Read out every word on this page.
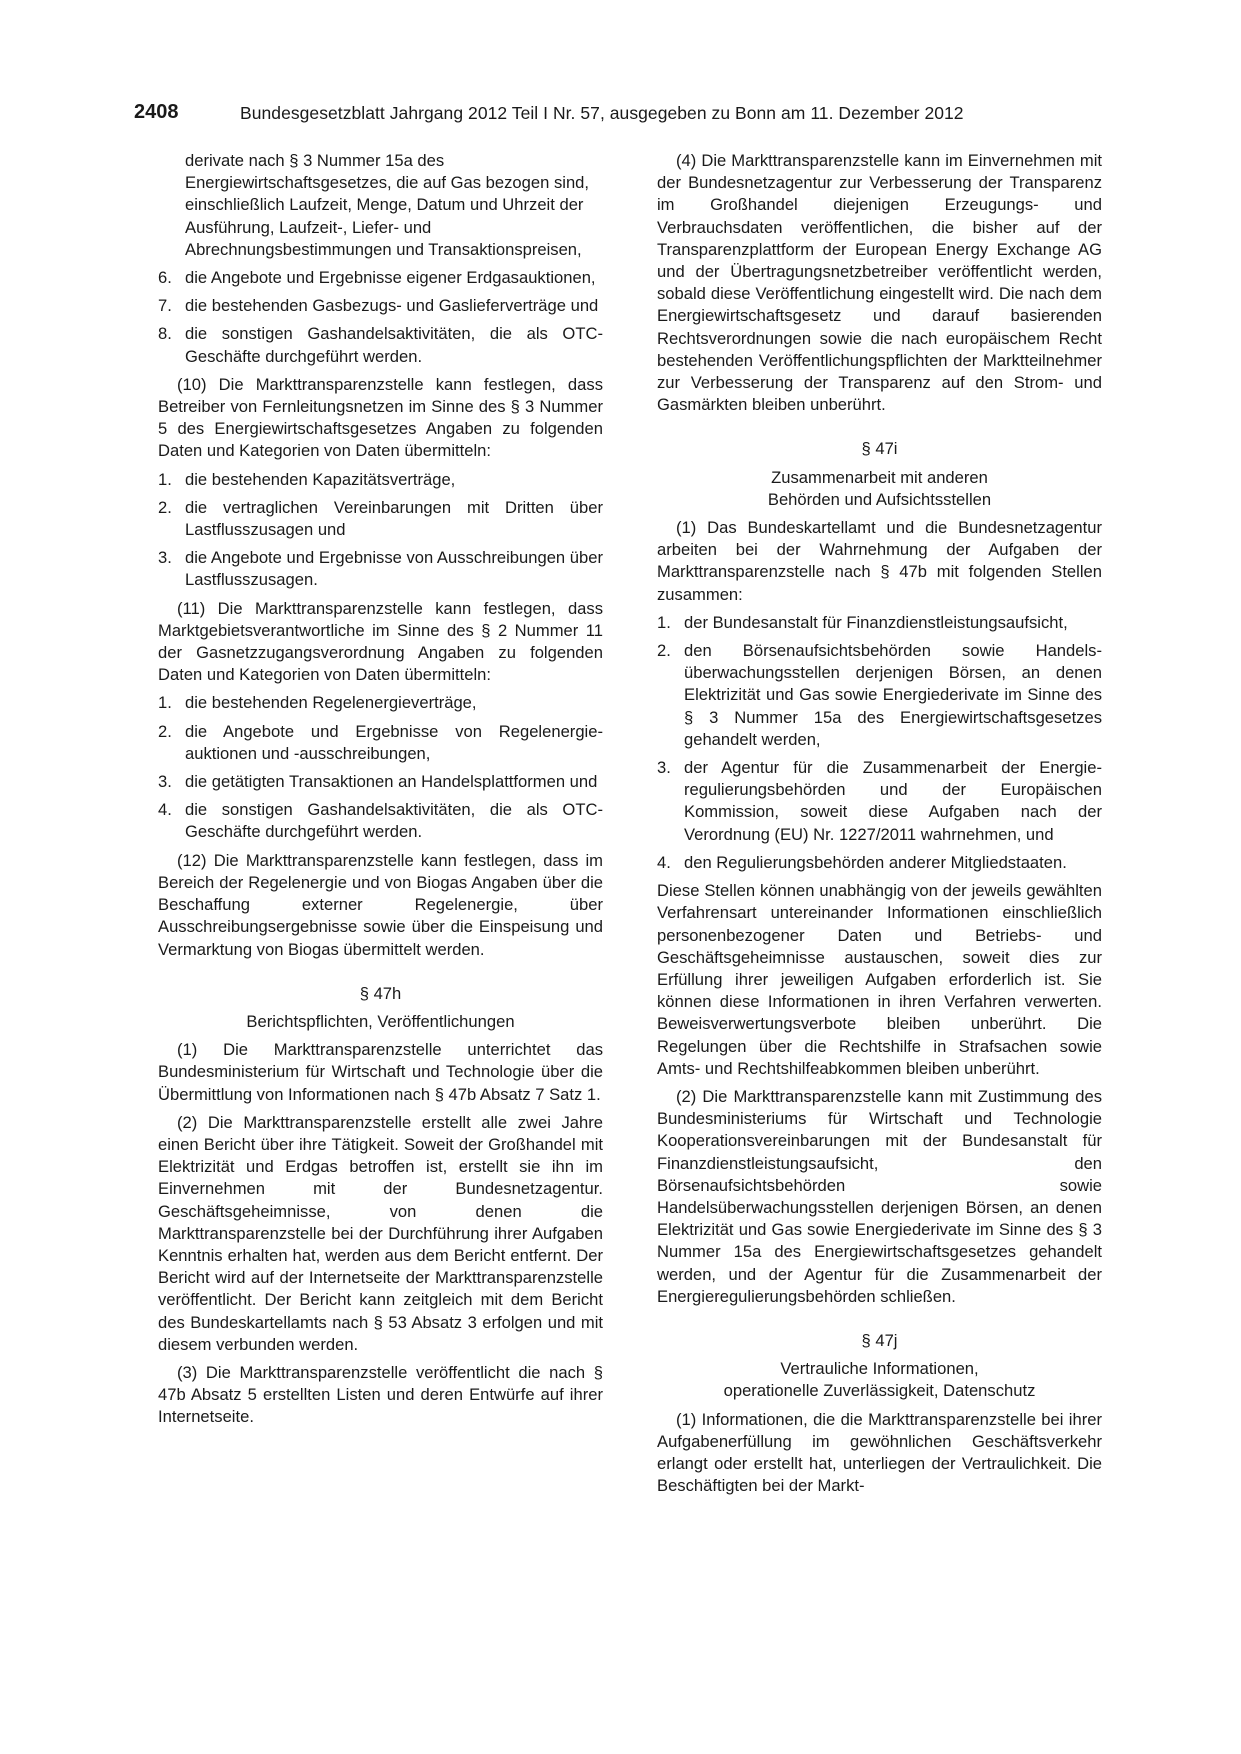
2408	Bundesgesetzblatt Jahrgang 2012 Teil I Nr. 57, ausgegeben zu Bonn am 11. Dezember 2012

derivate nach § 3 Nummer 15a des Energiewirtschaftsgesetzes, die auf Gas bezogen sind, einschließlich Laufzeit, Menge, Datum und Uhrzeit der Ausführung, Laufzeit-, Liefer- und Abrechnungsbestimmungen und Transaktionspreisen,

6. die Angebote und Ergebnisse eigener Erdgasauktionen,
7. die bestehenden Gasbezugs- und Gaslieferverträge und
8. die sonstigen Gashandelsaktivitäten, die als OTC-Geschäfte durchgeführt werden.

(10) Die Markttransparenzstelle kann festlegen, dass Betreiber von Fernleitungsnetzen im Sinne des § 3 Nummer 5 des Energiewirtschaftsgesetzes Angaben zu folgenden Daten und Kategorien von Daten übermitteln:

1. die bestehenden Kapazitätsverträge,
2. die vertraglichen Vereinbarungen mit Dritten über Lastflusszusagen und
3. die Angebote und Ergebnisse von Ausschreibungen über Lastflusszusagen.

(11) Die Markttransparenzstelle kann festlegen, dass Marktgebietsverantwortliche im Sinne des § 2 Nummer 11 der Gasnetzzugangsverordnung Angaben zu folgenden Daten und Kategorien von Daten übermitteln:

1. die bestehenden Regelenergieverträge,
2. die Angebote und Ergebnisse von Regelenergieauktionen und -ausschreibungen,
3. die getätigten Transaktionen an Handelsplattformen und
4. die sonstigen Gashandelsaktivitäten, die als OTC-Geschäfte durchgeführt werden.

(12) Die Markttransparenzstelle kann festlegen, dass im Bereich der Regelenergie und von Biogas Angaben über die Beschaffung externer Regelenergie, über Ausschreibungsergebnisse sowie über die Einspeisung und Vermarktung von Biogas übermittelt werden.

§ 47h
Berichtspflichten, Veröffentlichungen

(1) Die Markttransparenzstelle unterrichtet das Bundesministerium für Wirtschaft und Technologie über die Übermittlung von Informationen nach § 47b Absatz 7 Satz 1.

(2) Die Markttransparenzstelle erstellt alle zwei Jahre einen Bericht über ihre Tätigkeit. Soweit der Großhandel mit Elektrizität und Erdgas betroffen ist, erstellt sie ihn im Einvernehmen mit der Bundesnetzagentur. Geschäftsgeheimnisse, von denen die Markttransparenzstelle bei der Durchführung ihrer Aufgaben Kenntnis erhalten hat, werden aus dem Bericht entfernt. Der Bericht wird auf der Internetseite der Markttransparenzstelle veröffentlicht. Der Bericht kann zeitgleich mit dem Bericht des Bundeskartellamts nach § 53 Absatz 3 erfolgen und mit diesem verbunden werden.

(3) Die Markttransparenzstelle veröffentlicht die nach § 47b Absatz 5 erstellten Listen und deren Entwürfe auf ihrer Internetseite.

(4) Die Markttransparenzstelle kann im Einvernehmen mit der Bundesnetzagentur zur Verbesserung der Transparenz im Großhandel diejenigen Erzeugungs- und Verbrauchsdaten veröffentlichen, die bisher auf der Transparenzplattform der European Energy Exchange AG und der Übertragungsnetzbetreiber veröffentlicht werden, sobald diese Veröffentlichung eingestellt wird. Die nach dem Energiewirtschaftsgesetz und darauf basierenden Rechtsverordnungen sowie die nach europäischem Recht bestehenden Veröffentlichungspflichten der Marktteilnehmer zur Verbesserung der Transparenz auf den Strom- und Gasmärkten bleiben unberührt.

§ 47i
Zusammenarbeit mit anderen
Behörden und Aufsichtsstellen

(1) Das Bundeskartellamt und die Bundesnetzagentur arbeiten bei der Wahrnehmung der Aufgaben der Markttransparenzstelle nach § 47b mit folgenden Stellen zusammen:

1. der Bundesanstalt für Finanzdienstleistungsaufsicht,
2. den Börsenaufsichtsbehörden sowie Handelsüberwachungsstellen derjenigen Börsen, an denen Elektrizität und Gas sowie Energiederivate im Sinne des § 3 Nummer 15a des Energiewirtschaftsgesetzes gehandelt werden,
3. der Agentur für die Zusammenarbeit der Energieregulierungsbehörden und der Europäischen Kommission, soweit diese Aufgaben nach der Verordnung (EU) Nr. 1227/2011 wahrnehmen, und
4. den Regulierungsbehörden anderer Mitgliedstaaten.

Diese Stellen können unabhängig von der jeweils gewählten Verfahrensart untereinander Informationen einschließlich personenbezogener Daten und Betriebs- und Geschäftsgeheimnisse austauschen, soweit dies zur Erfüllung ihrer jeweiligen Aufgaben erforderlich ist. Sie können diese Informationen in ihren Verfahren verwerten. Beweisverwertungsverbote bleiben unberührt. Die Regelungen über die Rechtshilfe in Strafsachen sowie Amts- und Rechtshilfeabkommen bleiben unberührt.

(2) Die Markttransparenzstelle kann mit Zustimmung des Bundesministeriums für Wirtschaft und Technologie Kooperationsvereinbarungen mit der Bundesanstalt für Finanzdienstleistungsaufsicht, den Börsenaufsichtsbehörden sowie Handelsüberwachungsstellen derjenigen Börsen, an denen Elektrizität und Gas sowie Energiederivate im Sinne des § 3 Nummer 15a des Energiewirtschaftsgesetzes gehandelt werden, und der Agentur für die Zusammenarbeit der Energieregulierungsbehörden schließen.

§ 47j
Vertrauliche Informationen,
operationelle Zuverlässigkeit, Datenschutz

(1) Informationen, die die Markttransparenzstelle bei ihrer Aufgabenerfüllung im gewöhnlichen Geschäftsverkehr erlangt oder erstellt hat, unterliegen der Vertraulichkeit. Die Beschäftigten bei der Markt-
